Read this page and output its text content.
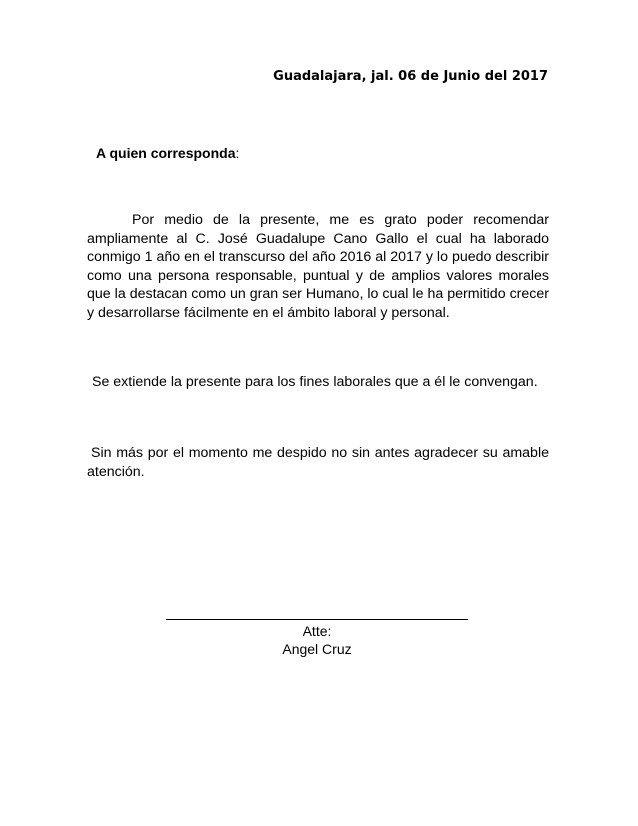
Guadalajara, jal. 06 de Junio del 2017
A quien corresponda:

Por medio de la presente, me es grato poder recomendar ampliamente al C. José Guadalupe Cano Gallo el cual ha laborado conmigo 1 año en el transcurso del año 2016 al 2017 y lo puedo describir como una persona responsable, puntual y de amplios valores morales que la destacan como un gran ser Humano, lo cual le ha permitido crecer y desarrollarse fácilmente en el ámbito laboral y personal.

Se extiende la presente para los fines laborales que a él le convengan.

Sin más por el momento me despido no sin antes agradecer su amable atención.

Atte:
Angel Cruz
